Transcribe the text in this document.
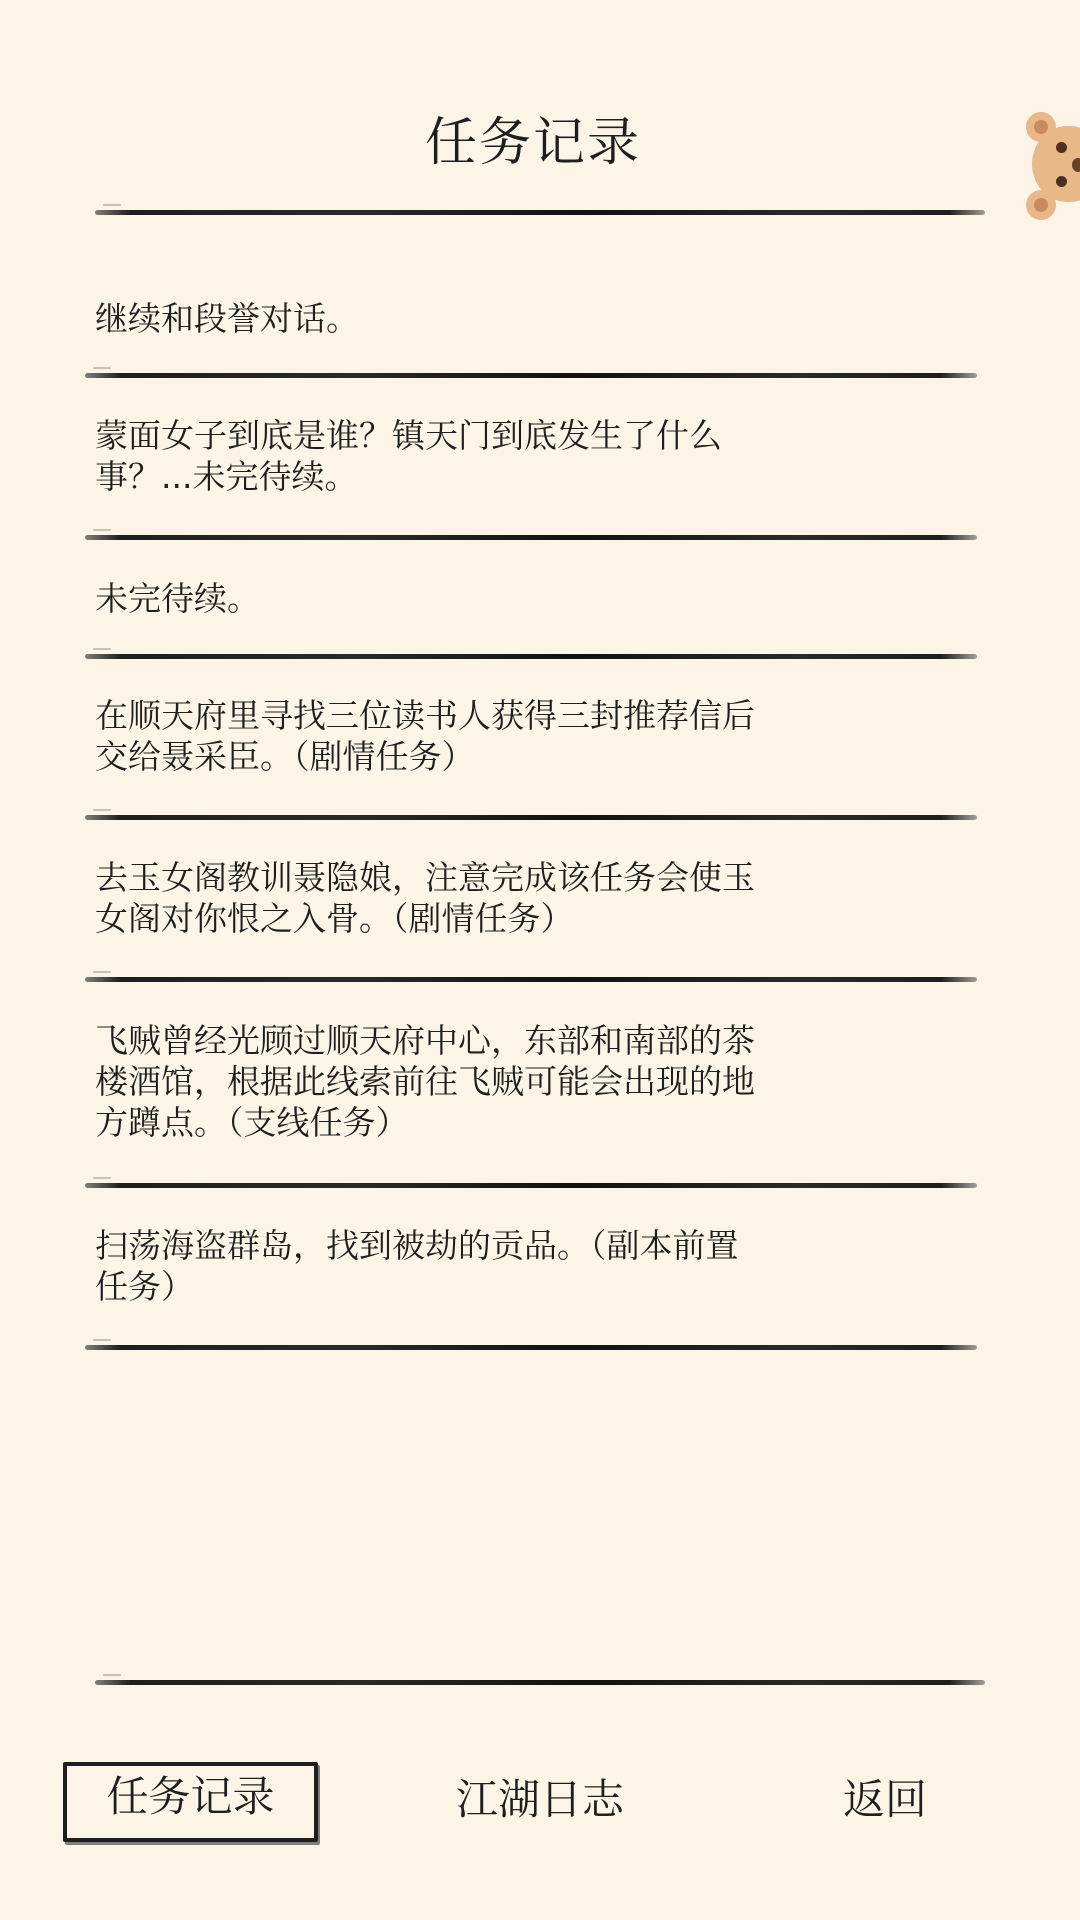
任务记录
继续和段誉对话。
蒙面女子到底是谁？镇天门到底发生了什么
事？...未完待续。
未完待续。
在顺天府里寻找三位读书人获得三封推荐信后
交给聂采臣。（剧情任务）
去玉女阁教训聂隐娘，注意完成该任务会使玉
女阁对你恨之入骨。（剧情任务）
飞贼曾经光顾过顺天府中心，东部和南部的茶
楼酒馆，根据此线索前往飞贼可能会出现的地
方蹲点。（支线任务）
扫荡海盗群岛，找到被劫的贡品。（副本前置
任务）
任务记录	江湖日志	返回
